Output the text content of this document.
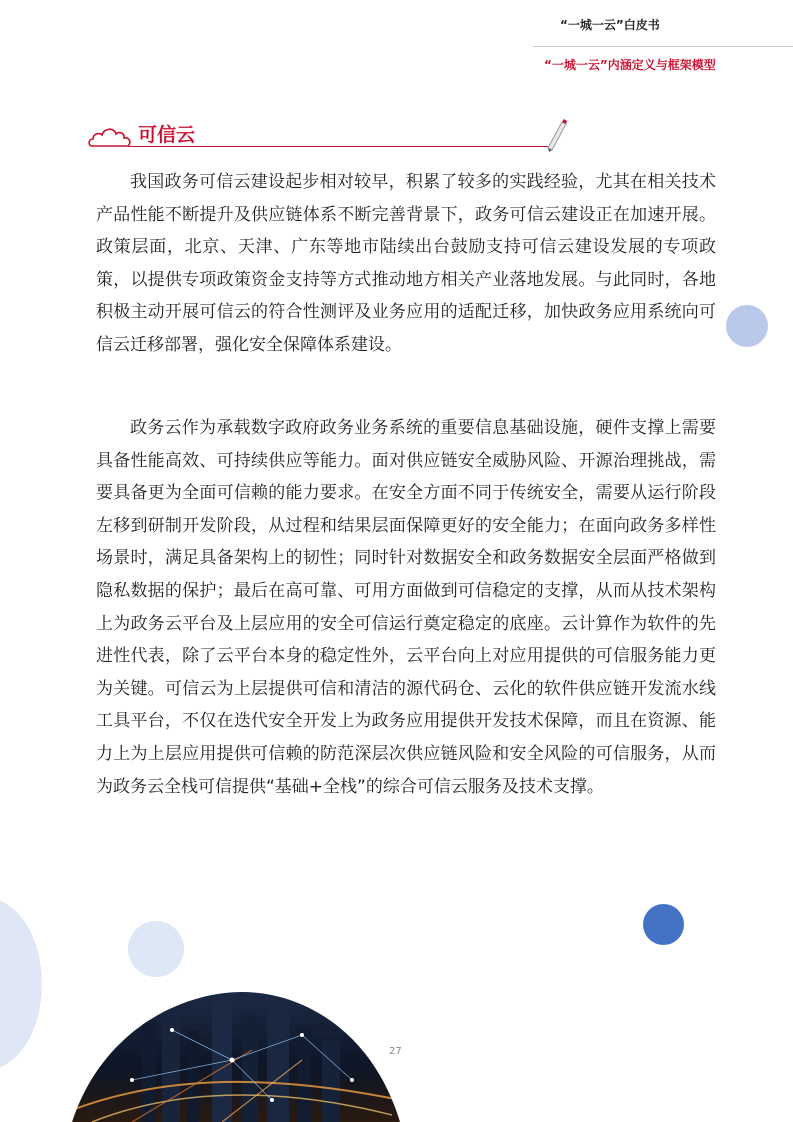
“一城一云”白皮书
“一城一云”内涵定义与框架模型
可信云

我国政务可信云建设起步相对较早，积累了较多的实践经验，尤其在相关技术产品性能不断提升及供应链体系不断完善背景下，政务可信云建设正在加速开展。政策层面，北京、天津、广东等地市陆续出台鼓励支持可信云建设发展的专项政策，以提供专项政策资金支持等方式推动地方相关产业落地发展。与此同时，各地积极主动开展可信云的符合性测评及业务应用的适配迁移，加快政务应用系统向可信云迁移部署，强化安全保障体系建设。

政务云作为承载数字政府政务业务系统的重要信息基础设施，硬件支撑上需要具备性能高效、可持续供应等能力。面对供应链安全威胁风险、开源治理挑战，需要具备更为全面可信赖的能力要求。在安全方面不同于传统安全，需要从运行阶段左移到研制开发阶段，从过程和结果层面保障更好的安全能力；在面向政务多样性场景时，满足具备架构上的韧性；同时针对数据安全和政务数据安全层面严格做到隐私数据的保护；最后在高可靠、可用方面做到可信稳定的支撑，从而从技术架构上为政务云平台及上层应用的安全可信运行奠定稳定的底座。云计算作为软件的先进性代表，除了云平台本身的稳定性外，云平台向上对应用提供的可信服务能力更为关键。可信云为上层提供可信和清洁的源代码仓、云化的软件供应链开发流水线工具平台，不仅在迭代安全开发上为政务应用提供开发技术保障，而且在资源、能力上为上层应用提供可信赖的防范深层次供应链风险和安全风险的可信服务，从而为政务云全栈可信提供“基础+全栈”的综合可信云服务及技术支撑。

27
